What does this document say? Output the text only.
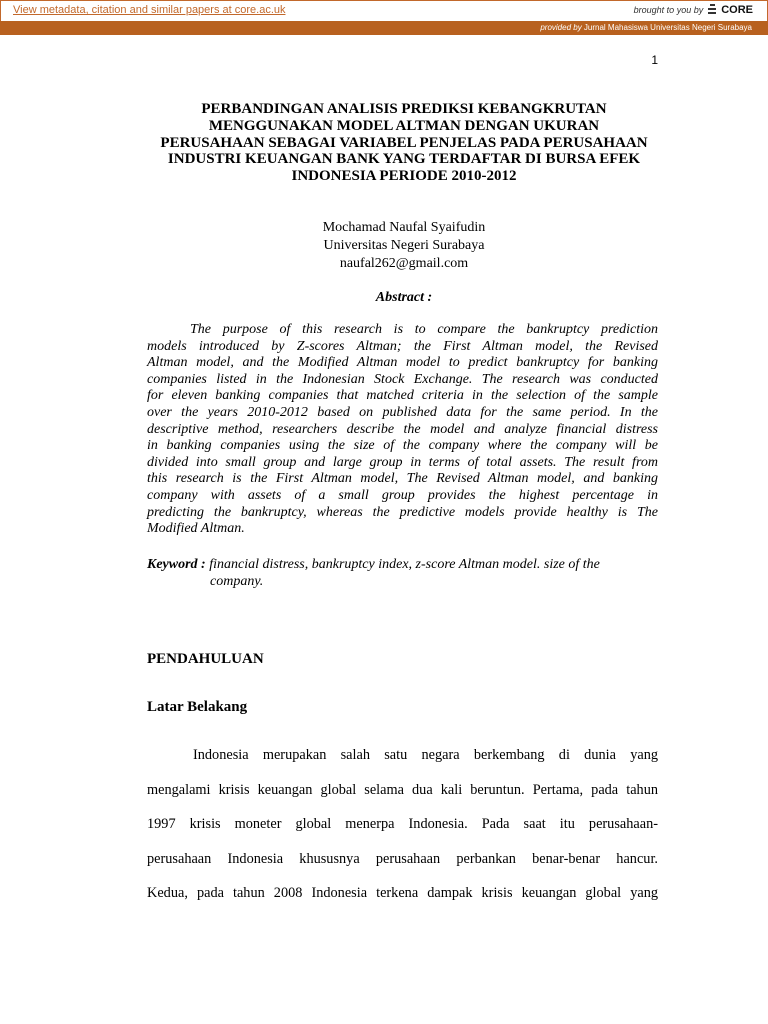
View metadata, citation and similar papers at core.ac.uk	brought to you by CORE
provided by Jurnal Mahasiswa Universitas Negeri Surabaya
1
PERBANDINGAN ANALISIS PREDIKSI KEBANGKRUTAN
MENGGUNAKAN MODEL ALTMAN DENGAN UKURAN
PERUSAHAAN SEBAGAI VARIABEL PENJELAS PADA PERUSAHAAN
INDUSTRI KEUANGAN BANK YANG TERDAFTAR DI BURSA EFEK
INDONESIA PERIODE 2010-2012
Mochamad Naufal Syaifudin
Universitas Negeri Surabaya
naufal262@gmail.com
Abstract :
The purpose of this research is to compare the bankruptcy prediction
models introduced by Z-scores Altman; the First Altman model, the Revised
Altman model, and the Modified Altman model to predict bankruptcy for banking
companies listed in the Indonesian Stock Exchange. The research was conducted
for eleven banking companies that matched criteria in the selection of the sample
over the years 2010-2012 based on published data for the same period. In the
descriptive method, researchers describe the model and analyze financial distress
in banking companies using the size of the company where the company will be
divided into small group and large group in terms of total assets. The result from
this research is the First Altman model, The Revised Altman model, and banking
company with assets of a small group provides the highest percentage in
predicting the bankruptcy, whereas the predictive models provide healthy is The
Modified Altman.
Keyword : financial distress, bankruptcy index, z-score Altman model. size of the
company.
PENDAHULUAN
Latar Belakang
Indonesia merupakan salah satu negara berkembang di dunia yang
mengalami krisis keuangan global selama dua kali beruntun. Pertama, pada tahun
1997 krisis moneter global menerpa Indonesia. Pada saat itu perusahaan-
perusahaan Indonesia khususnya perusahaan perbankan benar-benar hancur.
Kedua, pada tahun 2008 Indonesia terkena dampak krisis keuangan global yang
